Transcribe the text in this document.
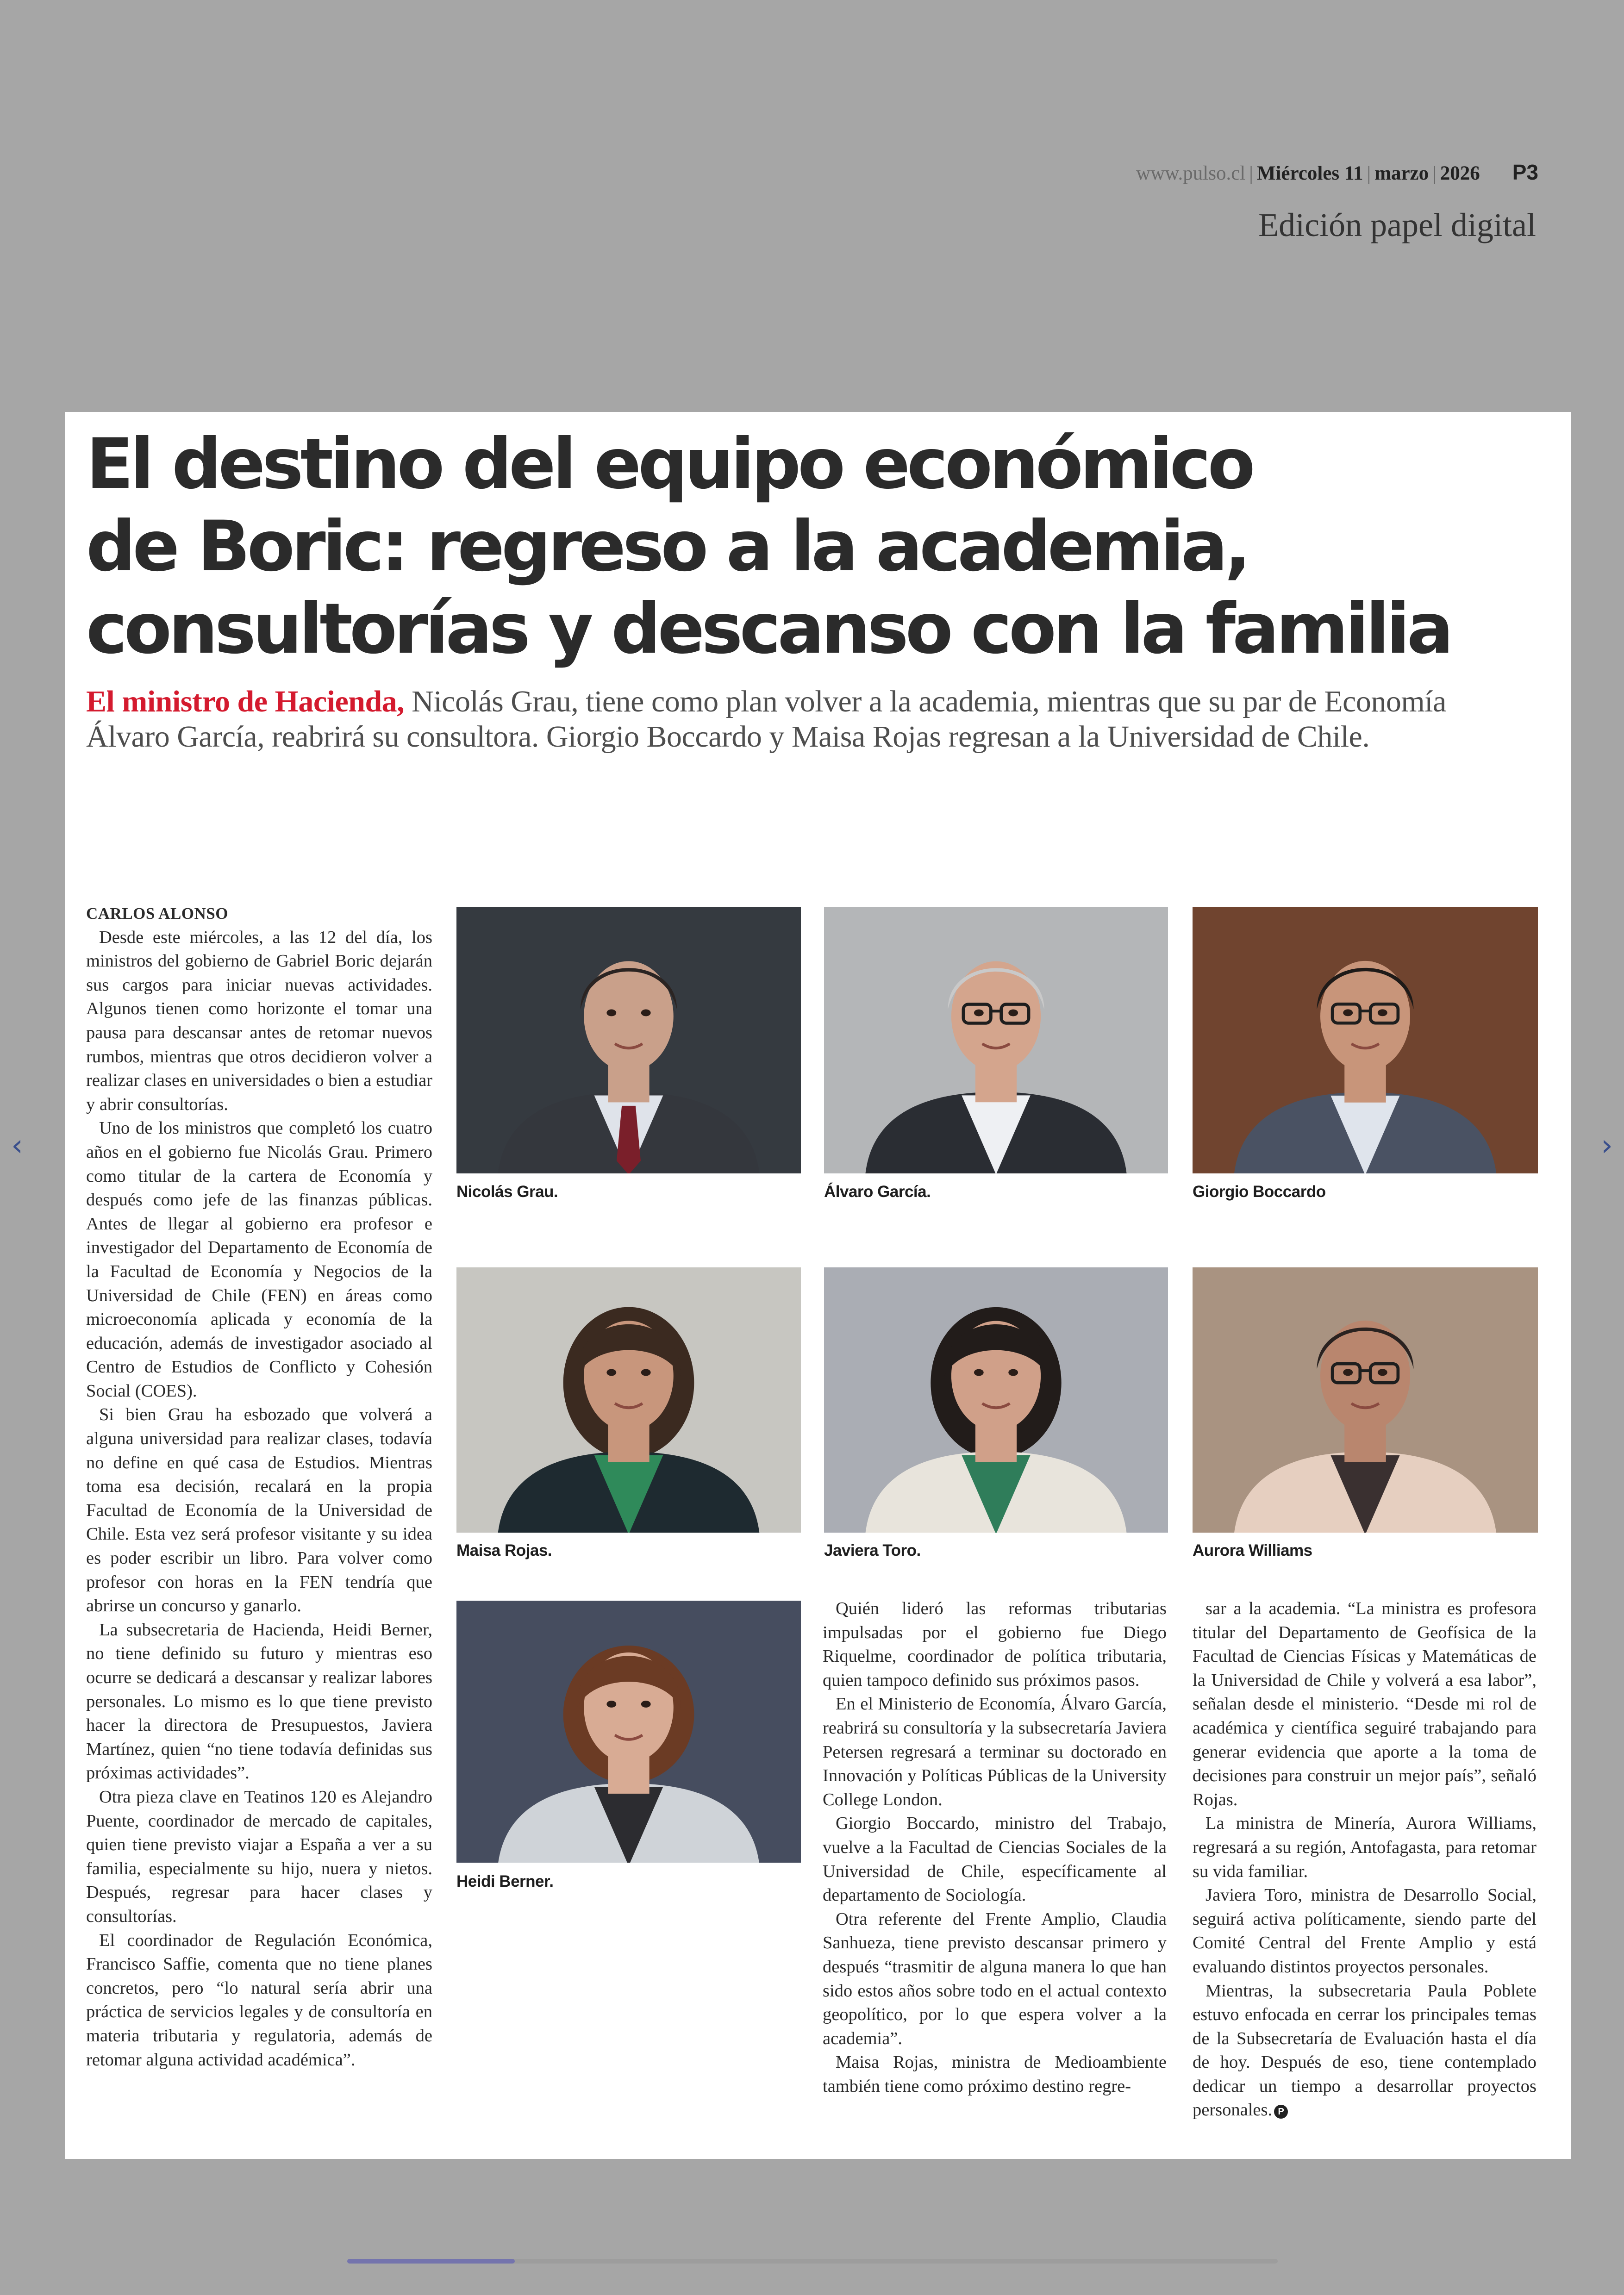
www.pulso.cl | Miércoles 11 | marzo | 2026 P3
Edición papel digital
‹	›
El destino del equipo económico
de Boric: regreso a la academia,
consultorías y descanso con la familia
El ministro de Hacienda, Nicolás Grau, tiene como plan volver a la academia, mientras que su par de Economía Álvaro García, reabrirá su consultora. Giorgio Boccardo y Maisa Rojas regresan a la Universidad de Chile.

CARLOS ALONSO

Desde este miércoles, a las 12 del día, los ministros del gobierno de Gabriel Boric dejarán sus cargos para iniciar nuevas actividades. Algunos tienen como horizonte el tomar una pausa para descansar antes de retomar nuevos rumbos, mientras que otros decidieron volver a realizar clases en universidades o bien a estudiar y abrir consultorías.

Uno de los ministros que completó los cuatro años en el gobierno fue Nicolás Grau. Primero como titular de la cartera de Economía y después como jefe de las finanzas públicas. Antes de llegar al gobierno era profesor e investigador del Departamento de Economía de la Facultad de Economía y Negocios de la Universidad de Chile (FEN) en áreas como microeconomía aplicada y economía de la educación, además de investigador asociado al Centro de Estudios de Conflicto y Cohesión Social (COES).

Si bien Grau ha esbozado que volverá a alguna universidad para realizar clases, todavía no define en qué casa de Estudios. Mientras toma esa decisión, recalará en la propia Facultad de Economía de la Universidad de Chile. Esta vez será profesor visitante y su idea es poder escribir un libro. Para volver como profesor con horas en la FEN tendría que abrirse un concurso y ganarlo.

La subsecretaria de Hacienda, Heidi Berner, no tiene definido su futuro y mientras eso ocurre se dedicará a descansar y realizar labores personales. Lo mismo es lo que tiene previsto hacer la directora de Presupuestos, Javiera Martínez, quien “no tiene todavía definidas sus próximas actividades”.

Otra pieza clave en Teatinos 120 es Alejandro Puente, coordinador de mercado de capitales, quien tiene previsto viajar a España a ver a su familia, especialmente su hijo, nuera y nietos. Después, regresar para hacer clases y consultorías.

El coordinador de Regulación Económica, Francisco Saffie, comenta que no tiene planes concretos, pero “lo natural sería abrir una práctica de servicios legales y de consultoría en materia tributaria y regulatoria, además de retomar alguna actividad académica”.

Quién lideró las reformas tributarias impulsadas por el gobierno fue Diego Riquelme, coordinador de política tributaria, quien tampoco definido sus próximos pasos.

En el Ministerio de Economía, Álvaro García, reabrirá su consultoría y la subsecretaría Javiera Petersen regresará a terminar su doctorado en Innovación y Políticas Públicas de la University College London.

Giorgio Boccardo, ministro del Trabajo, vuelve a la Facultad de Ciencias Sociales de la Universidad de Chile, específicamente al departamento de Sociología.

Otra referente del Frente Amplio, Claudia Sanhueza, tiene previsto descansar primero y después “trasmitir de alguna manera lo que han sido estos años sobre todo en el actual contexto geopolítico, por lo que espera volver a la academia”.

Maisa Rojas, ministra de Medioambiente también tiene como próximo destino regre-

sar a la academia. “La ministra es profesora titular del Departamento de Geofísica de la Facultad de Ciencias Físicas y Matemáticas de la Universidad de Chile y volverá a esa labor”, señalan desde el ministerio. “Desde mi rol de académica y científica seguiré trabajando para generar evidencia que aporte a la toma de decisiones para construir un mejor país”, señaló Rojas.

La ministra de Minería, Aurora Williams, regresará a su región, Antofagasta, para retomar su vida familiar.

Javiera Toro, ministra de Desarrollo Social, seguirá activa políticamente, siendo parte del Comité Central del Frente Amplio y está evaluando distintos proyectos personales.

Mientras, la subsecretaria Paula Poblete estuvo enfocada en cerrar los principales temas de la Subsecretaría de Evaluación hasta el día de hoy. Después de eso, tiene contemplado dedicar un tiempo a desarrollar proyectos personales. P

Nicolás Grau.	Álvaro García.	Giorgio Boccardo
Maisa Rojas.	Javiera Toro.	Aurora Williams
Heidi Berner.
